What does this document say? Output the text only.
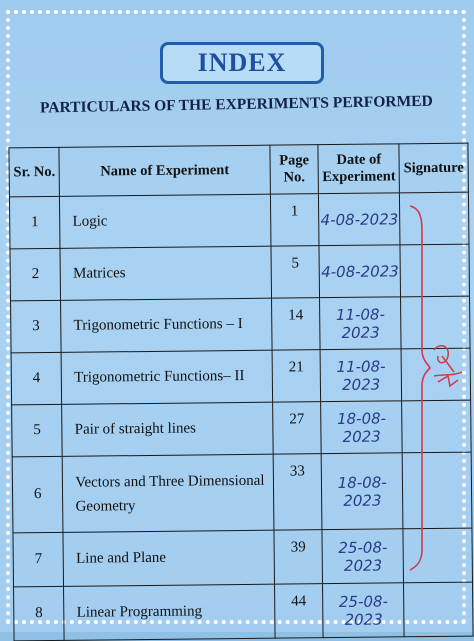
INDEX
PARTICULARS OF THE EXPERIMENTS PERFORMED
Sr. No.	Name of Experiment	Page No.	Date of Experiment	Signature
1	Logic	1	4-08-2023	
2	Matrices	5	4-08-2023	
3	Trigonometric Functions – I	14	11-08-2023	
4	Trigonometric Functions– II	21	11-08-2023	
5	Pair of straight lines	27	18-08-2023	
6	Vectors and Three Dimensional Geometry	33	18-08-2023	
7	Line and Plane	39	25-08-2023	
8	Linear Programming	44	25-08-2023	
